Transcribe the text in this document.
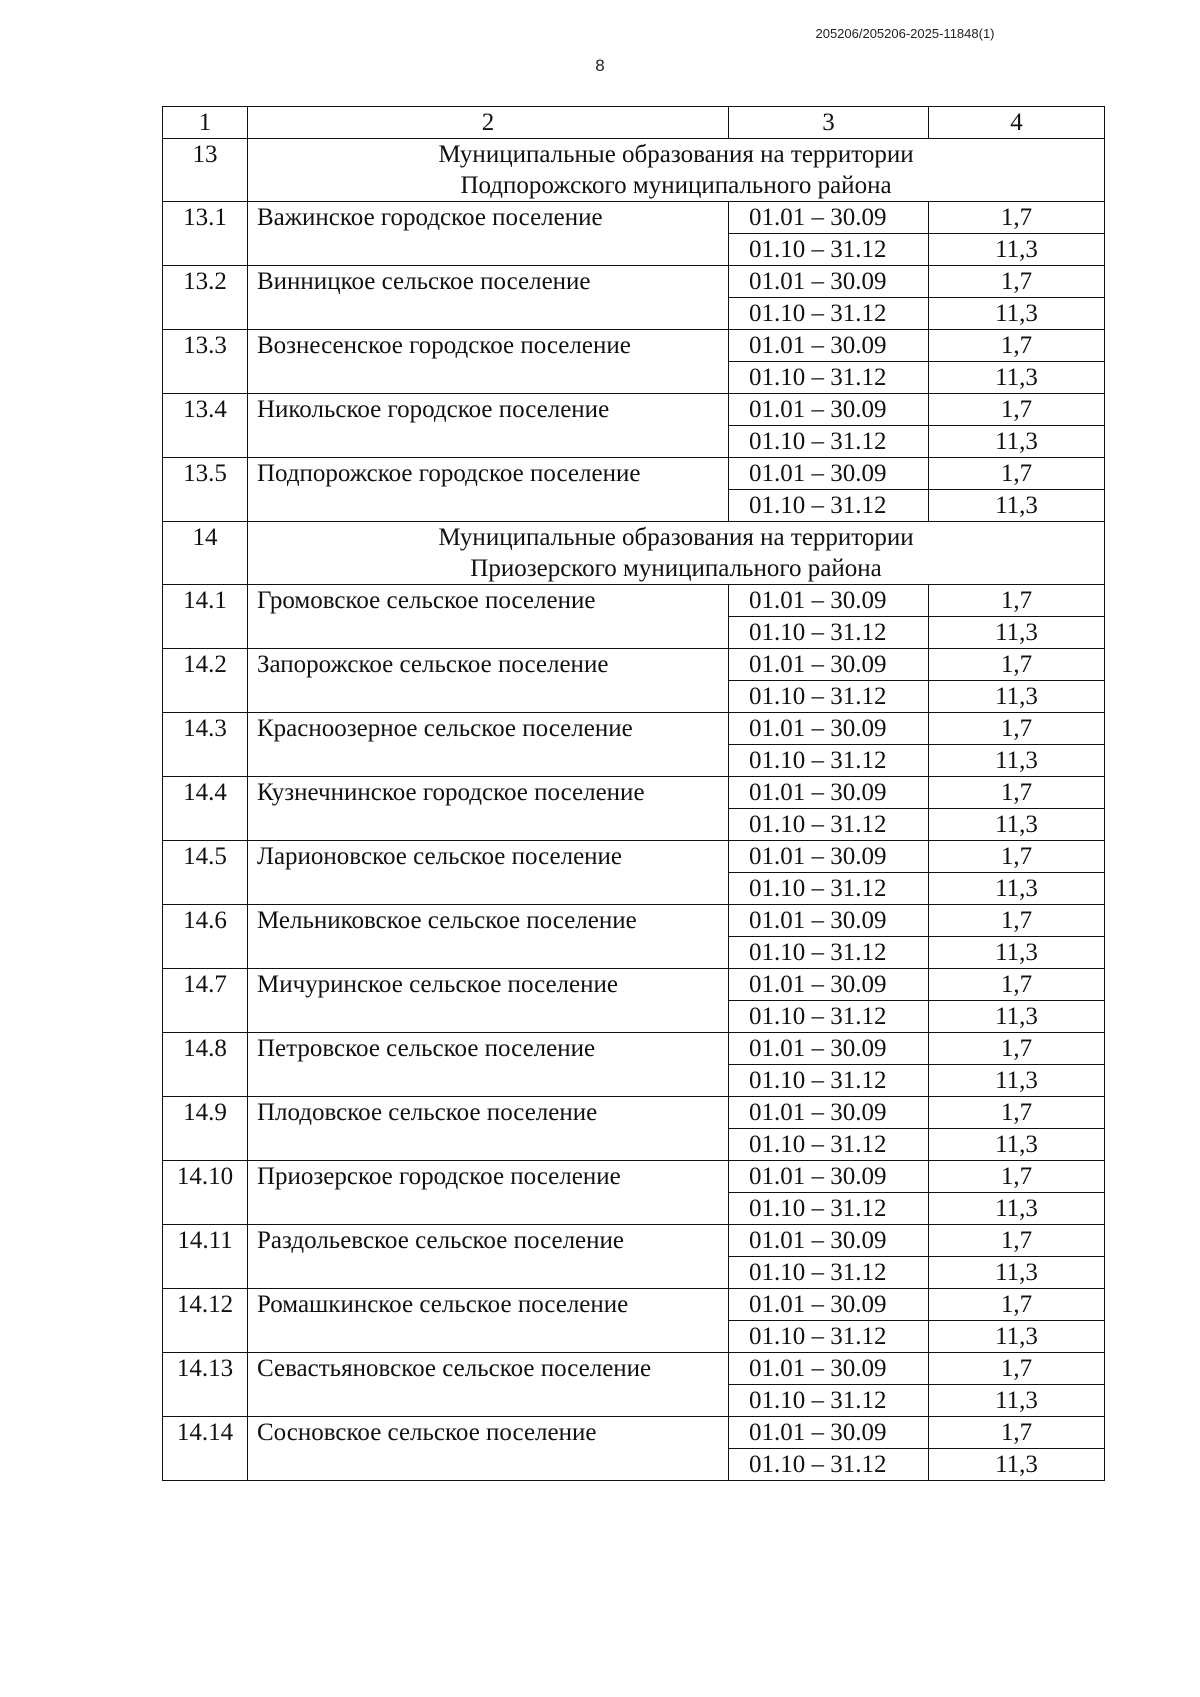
205206/205206-2025-11848(1)
8
1	2	3	4
13	Муниципальные образования на территории
Подпорожского муниципального района		

13.1	Важинское городское поселение	01.01 – 30.09	1,7
		01.10 – 31.12	11,3
13.2	Винницкое сельское поселение	01.01 – 30.09	1,7
		01.10 – 31.12	11,3
13.3	Вознесенское городское поселение	01.01 – 30.09	1,7
		01.10 – 31.12	11,3
13.4	Никольское городское поселение	01.01 – 30.09	1,7
		01.10 – 31.12	11,3
13.5	Подпорожское городское поселение	01.01 – 30.09	1,7
		01.10 – 31.12	11,3
14	Муниципальные образования на территории
Приозерского муниципального района		

14.1	Громовское сельское поселение	01.01 – 30.09	1,7
		01.10 – 31.12	11,3
14.2	Запорожское сельское поселение	01.01 – 30.09	1,7
		01.10 – 31.12	11,3
14.3	Красноозерное сельское поселение	01.01 – 30.09	1,7
		01.10 – 31.12	11,3
14.4	Кузнечнинское городское поселение	01.01 – 30.09	1,7
		01.10 – 31.12	11,3
14.5	Ларионовское сельское поселение	01.01 – 30.09	1,7
		01.10 – 31.12	11,3
14.6	Мельниковское сельское поселение	01.01 – 30.09	1,7
		01.10 – 31.12	11,3
14.7	Мичуринское сельское поселение	01.01 – 30.09	1,7
		01.10 – 31.12	11,3
14.8	Петровское сельское поселение	01.01 – 30.09	1,7
		01.10 – 31.12	11,3
14.9	Плодовское сельское поселение	01.01 – 30.09	1,7
		01.10 – 31.12	11,3
14.10	Приозерское городское поселение	01.01 – 30.09	1,7
		01.10 – 31.12	11,3
14.11	Раздольевское сельское поселение	01.01 – 30.09	1,7
		01.10 – 31.12	11,3
14.12	Ромашкинское сельское поселение	01.01 – 30.09	1,7
		01.10 – 31.12	11,3
14.13	Севастьяновское сельское поселение	01.01 – 30.09	1,7
		01.10 – 31.12	11,3
14.14	Сосновское сельское поселение	01.01 – 30.09	1,7
		01.10 – 31.12	11,3
